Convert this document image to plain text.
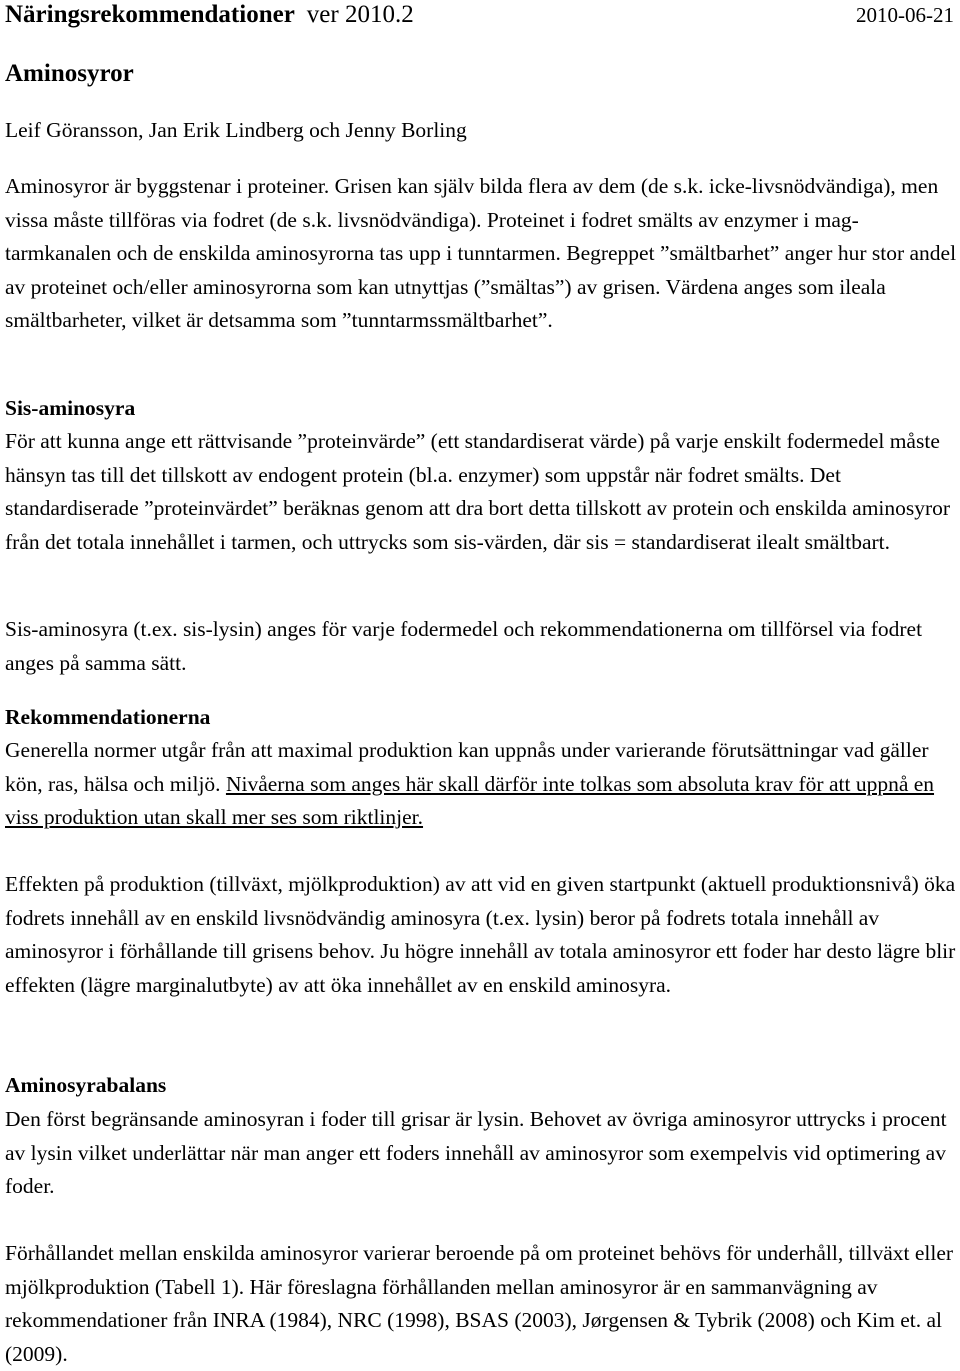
Näringsrekommendationer ver 2010.2	2010-06-21
Aminosyror

Leif Göransson, Jan Erik Lindberg och Jenny Borling

Aminosyror är byggstenar i proteiner. Grisen kan själv bilda flera av dem (de s.k. icke-livsnödvändiga), men vissa måste tillföras via fodret (de s.k. livsnödvändiga). Proteinet i fodret smälts av enzymer i mag-tarmkanalen och de enskilda aminosyrorna tas upp i tunntarmen. Begreppet ”smältbarhet” anger hur stor andel av proteinet och/eller aminosyrorna som kan utnyttjas (”smältas”) av grisen. Värdena anges som ileala smältbarheter, vilket är detsamma som ”tunntarmssmältbarhet”.

Sis-aminosyra

För att kunna ange ett rättvisande ”proteinvärde” (ett standardiserat värde) på varje enskilt fodermedel måste hänsyn tas till det tillskott av endogent protein (bl.a. enzymer) som uppstår när fodret smälts. Det standardiserade ”proteinvärdet” beräknas genom att dra bort detta tillskott av protein och enskilda aminosyror från det totala innehållet i tarmen, och uttrycks som sis-värden, där sis = standardiserat ilealt smältbart.

Sis-aminosyra (t.ex. sis-lysin) anges för varje fodermedel och rekommendationerna om tillförsel via fodret anges på samma sätt.

Rekommendationerna

Generella normer utgår från att maximal produktion kan uppnås under varierande förutsättningar vad gäller kön, ras, hälsa och miljö. Nivåerna som anges här skall därför inte tolkas som absoluta krav för att uppnå en viss produktion utan skall mer ses som riktlinjer.

Effekten på produktion (tillväxt, mjölkproduktion) av att vid en given startpunkt (aktuell produktionsnivå) öka fodrets innehåll av en enskild livsnödvändig aminosyra (t.ex. lysin) beror på fodrets totala innehåll av aminosyror i förhållande till grisens behov. Ju högre innehåll av totala aminosyror ett foder har desto lägre blir effekten (lägre marginalutbyte) av att öka innehållet av en enskild aminosyra.

Aminosyrabalans

Den först begränsande aminosyran i foder till grisar är lysin. Behovet av övriga aminosyror uttrycks i procent av lysin vilket underlättar när man anger ett foders innehåll av aminosyror som exempelvis vid optimering av foder.

Förhållandet mellan enskilda aminosyror varierar beroende på om proteinet behövs för underhåll, tillväxt eller mjölkproduktion (Tabell 1). Här föreslagna förhållanden mellan aminosyror är en sammanvägning av rekommendationer från INRA (1984), NRC (1998), BSAS (2003), Jørgensen & Tybrik (2008) och Kim et. al (2009).
